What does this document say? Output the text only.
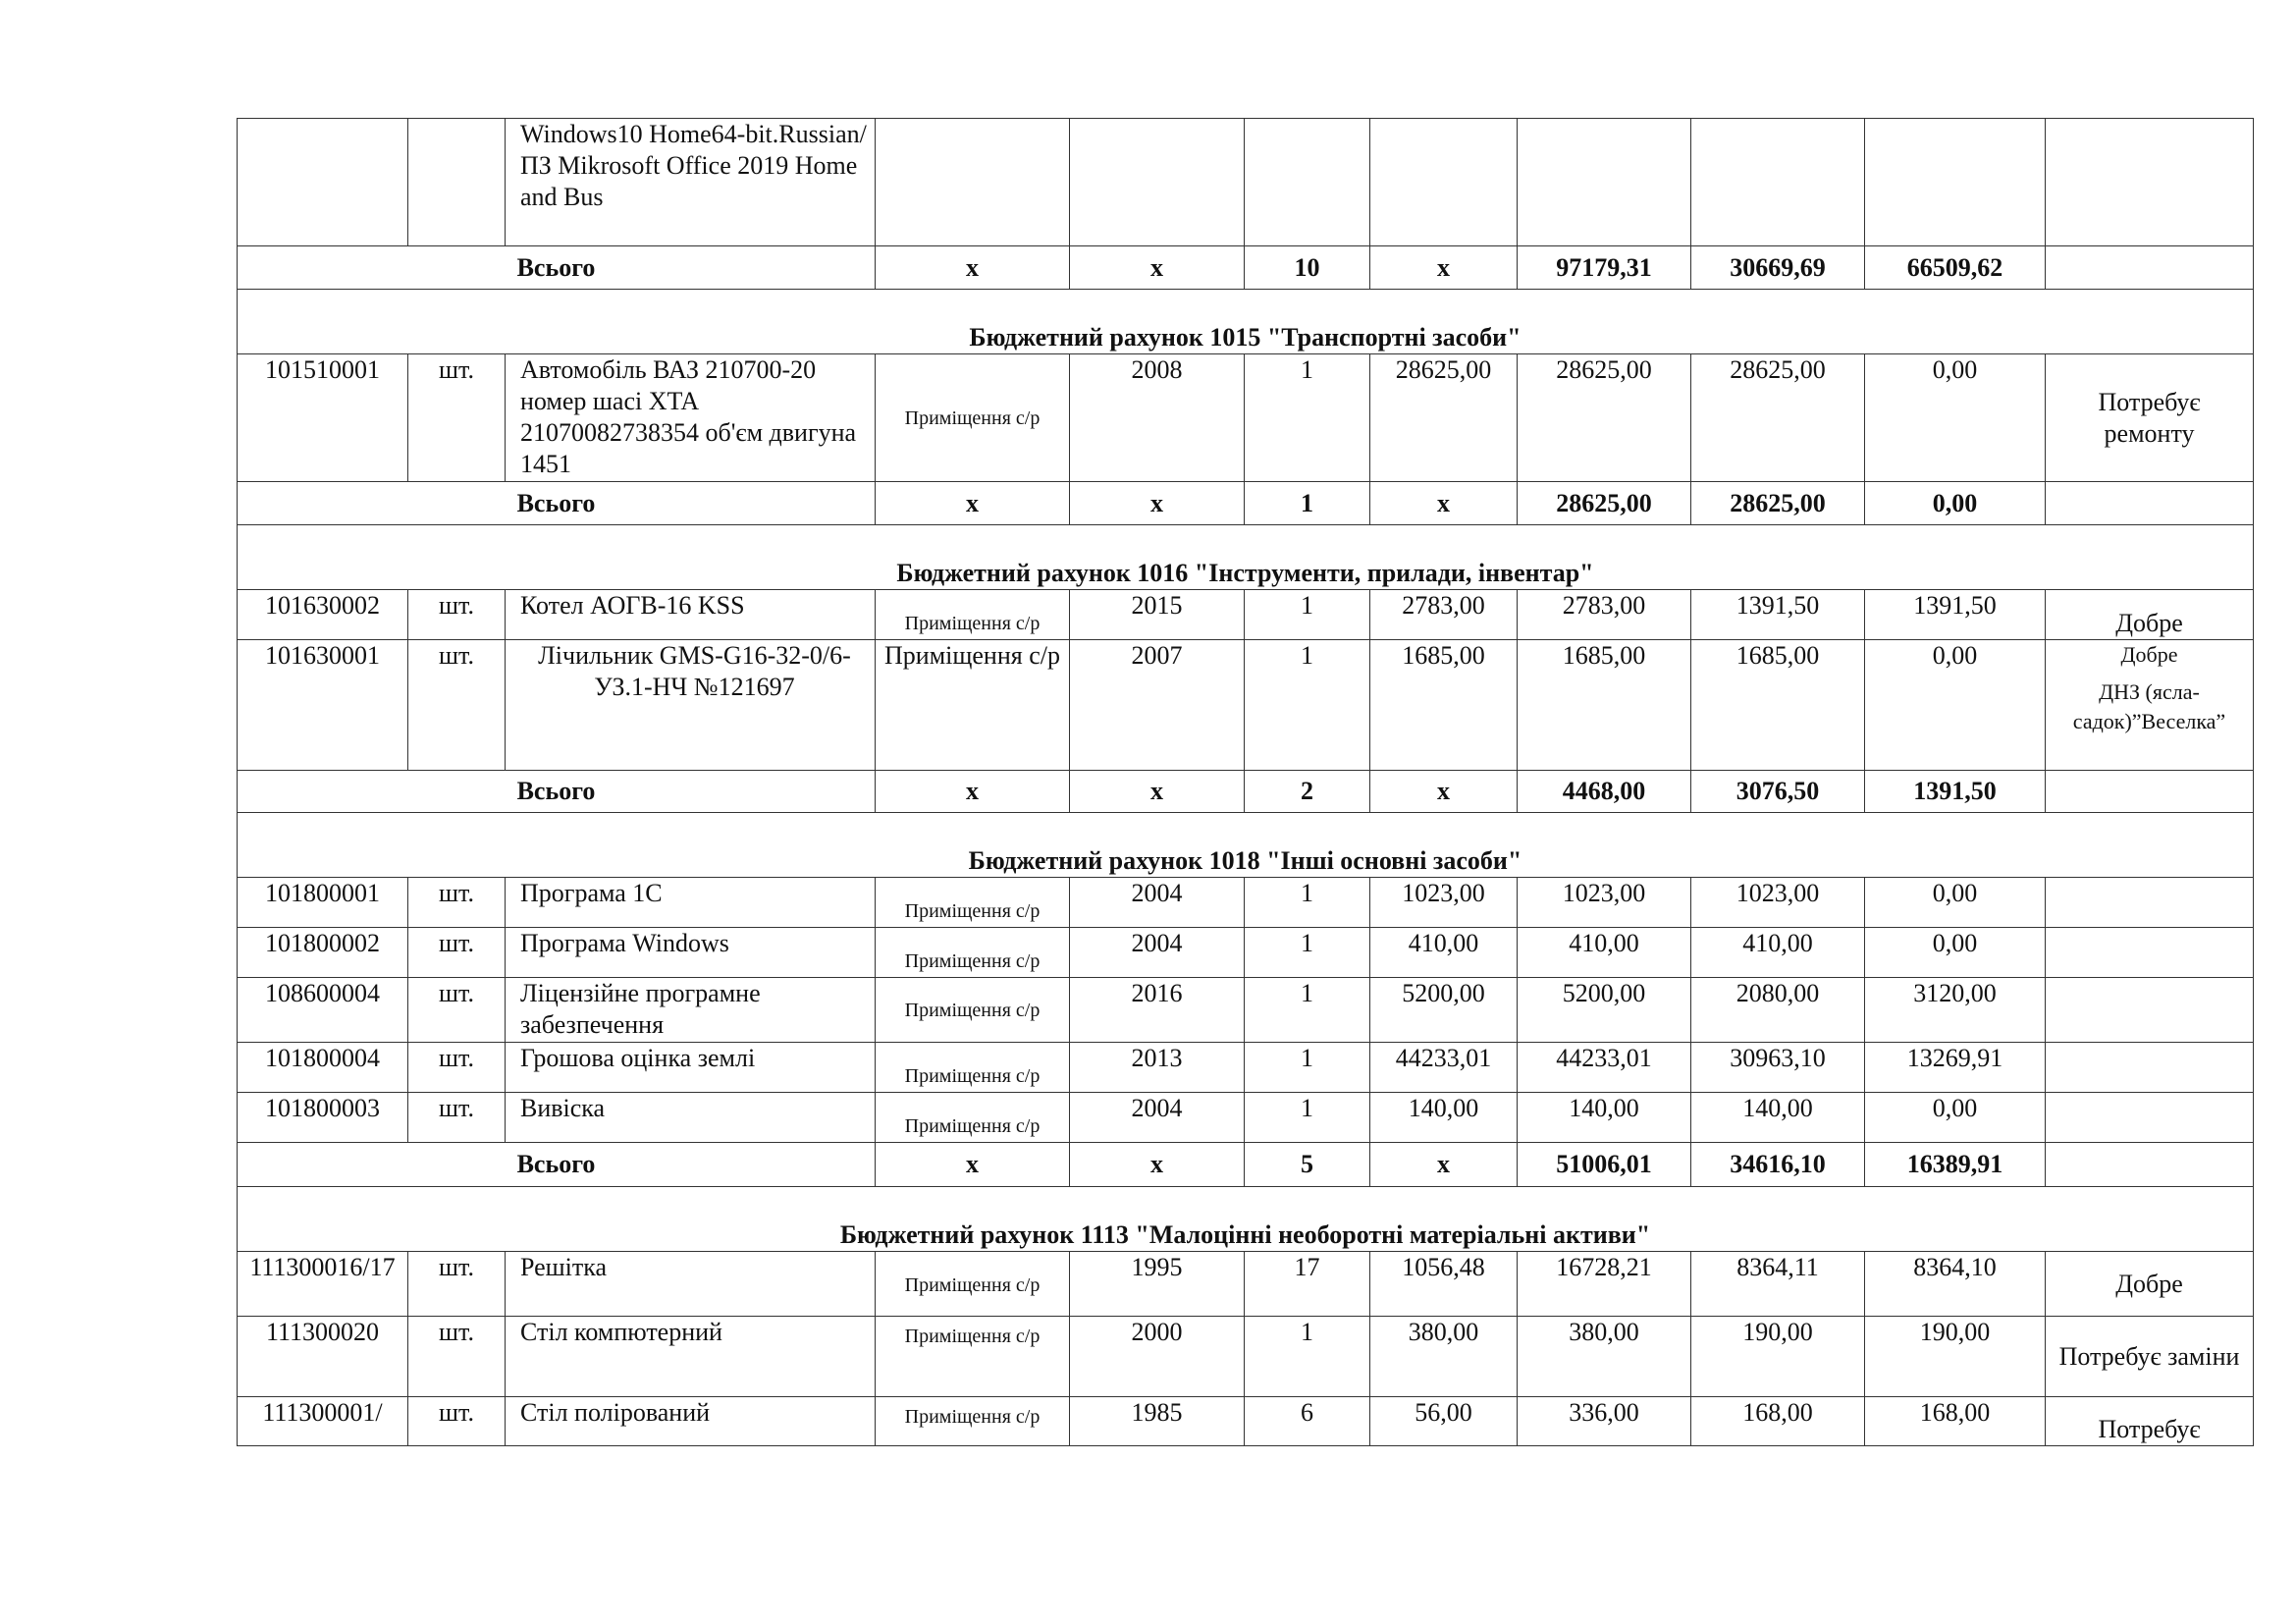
		Windows10 Home64-bit.Russian/ПЗ Mikrosoft Office 2019 Home and Bus								
Всього			x	x	10	x	97179,31	30669,69	66509,62	
Бюджетний рахунок 1015 "Транспортні засоби"										
101510001	шт.	Автомобіль ВАЗ 210700-20 номер шасі XTA 21070082738354 об'єм двигуна 1451	Приміщення с/р	2008	1	28625,00	28625,00	28625,00	0,00	Потребує ремонту
Всього			x	x	1	x	28625,00	28625,00	0,00	
Бюджетний рахунок 1016 "Інструменти, прилади, інвентар"										
101630002	шт.	Котел АОГВ-16 KSS	Приміщення с/р	2015	1	2783,00	2783,00	1391,50	1391,50	Добре
101630001	шт.	Лічильник GMS-G16-32-0/6-УЗ.1-НЧ №121697	Приміщення с/р	2007	1	1685,00	1685,00	1685,00	0,00	Добре
ДНЗ (ясла-садок)”Веселка”

Всього			x	x	2	x	4468,00	3076,50	1391,50	
Бюджетний рахунок 1018 "Інші основні засоби"										
101800001	шт.	Програма 1С	Приміщення с/р	2004	1	1023,00	1023,00	1023,00	0,00	
101800002	шт.	Програма Windows	Приміщення с/р	2004	1	410,00	410,00	410,00	0,00	
108600004	шт.	Ліцензійне програмне забезпечення	Приміщення с/р	2016	1	5200,00	5200,00	2080,00	3120,00	
101800004	шт.	Грошова оцінка землі	Приміщення с/р	2013	1	44233,01	44233,01	30963,10	13269,91	
101800003	шт.	Вивіска	Приміщення с/р	2004	1	140,00	140,00	140,00	0,00	
Всього			x	x	5	x	51006,01	34616,10	16389,91	
Бюджетний рахунок 1113 "Малоцінні необоротні матеріальні активи"										
111300016/17	шт.	Решітка	Приміщення с/р	1995	17	1056,48	16728,21	8364,11	8364,10	Добре
111300020	шт.	Стіл компютерний	Приміщення с/р	2000	1	380,00	380,00	190,00	190,00	Потребує заміни
111300001/	шт.	Стіл полірований	Приміщення с/р	1985	6	56,00	336,00	168,00	168,00	Потребує
